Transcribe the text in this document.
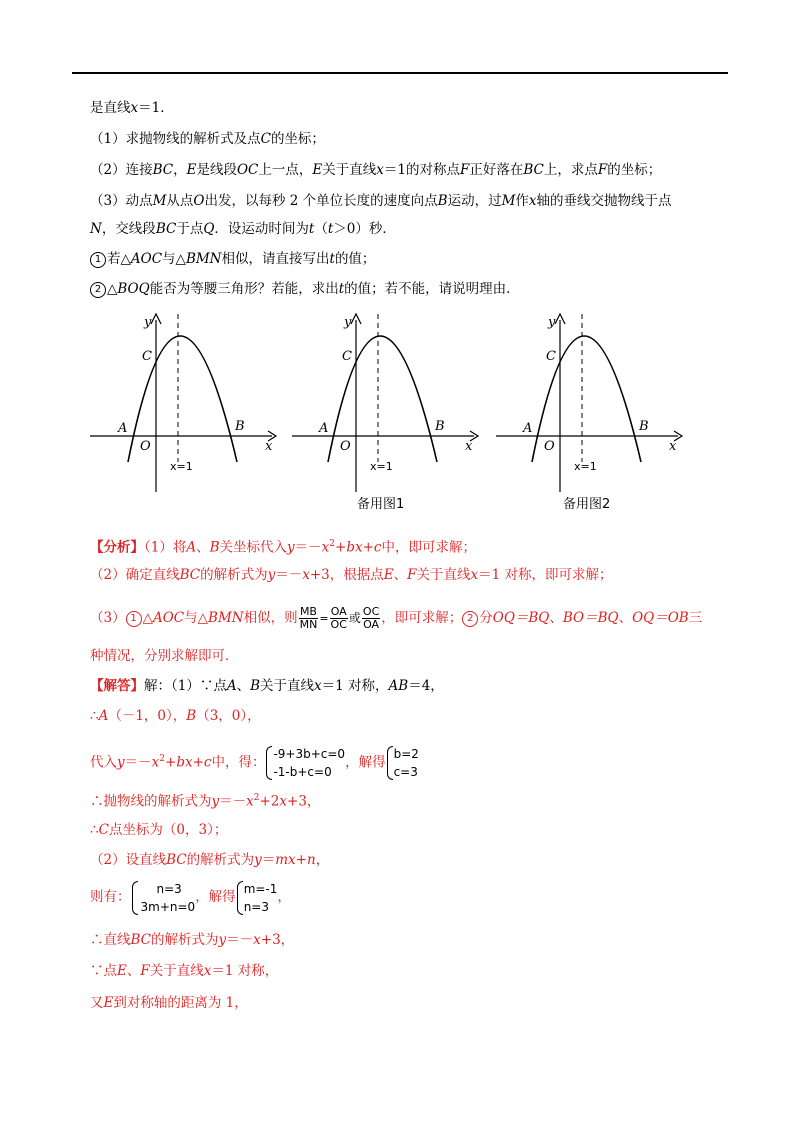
是直线x＝1．
（1）求抛物线的解析式及点C的坐标；
（2）连接BC，E是线段OC上一点，E关于直线x＝1的对称点F正好落在BC上，求点F的坐标；
（3）动点M从点O出发，以每秒 2 个单位长度的速度向点B运动，过M作x轴的垂线交抛物线于点
N，交线段BC于点Q．设运动时间为t（t＞0）秒．
1 若△AOC与△BMN相似，请直接写出t的值；
2 △BOQ能否为等腰三角形？若能，求出t的值；若不能，请说明理由．
y
x
C
A
O
B
x=1
y
x
C
A
O
B
x=1
y
x
C
A
O
B
x=1
备用图1	备用图2
【分析】（1）将A、B关坐标代入$y=-x^2+bx+c$中，即可求解；
（2）确定直线BC的解析式为y＝－x+3，根据点E、F关于直线x＝1 对称，即可求解；
（3） 1 △AOC与△BMN相似，则 $\frac{MB}{MN} = \frac{OA}{OC}$ 或 $\frac{OC}{OA}$ ，即可求解； 2 分OQ＝BQ、BO＝BQ、OQ＝OB三
种情况，分别求解即可．
【解答】解：（1）∵点A、B关于直线x＝1 对称，AB＝4，
∴A（－1，0），B（3，0），
代入$y=-x^2+bx+c$中，得：
-9+3b+c=0
-1-b+c=0
，解得
b=2
c=3
∴抛物线的解析式为$y=-x^2+2x+3$，
∴C点坐标为（0，3）；
（2）设直线BC的解析式为y＝mx+n，
则有：
n=3
3m+n=0
，解得
m=-1
n=3
，
∴直线BC的解析式为y＝－x+3，
∵点E、F关于直线x＝1 对称，
又E到对称轴的距离为 1，
